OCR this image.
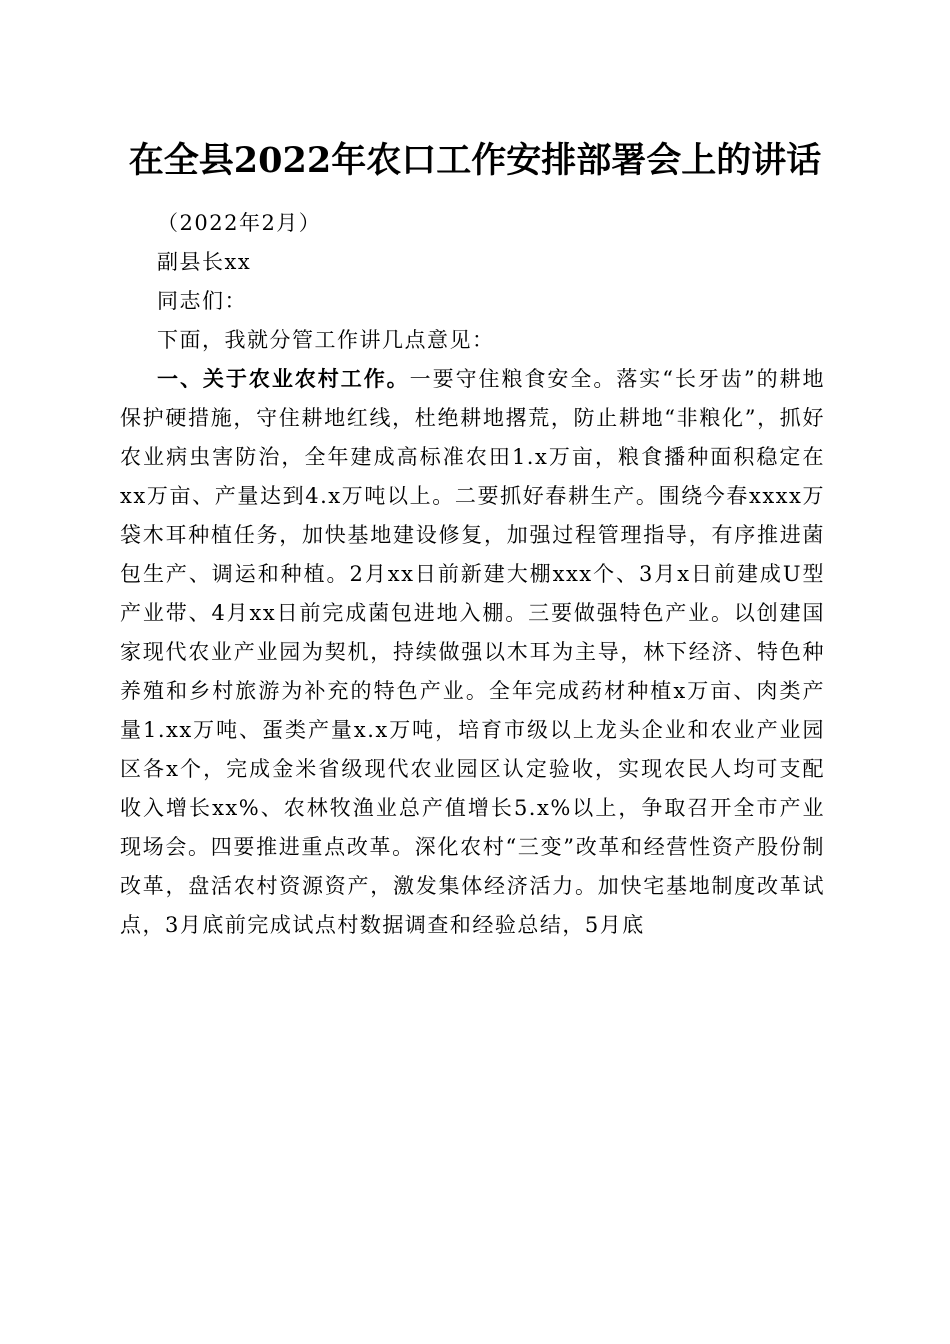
在全县2022年农口工作安排部署会上的讲话

（2022年2月）

副县长xx

同志们：

下面，我就分管工作讲几点意见：

一、关于农业农村工作。一要守住粮食安全。落实“长牙齿”的耕地保护硬措施，守住耕地红线，杜绝耕地撂荒，防止耕地“非粮化”，抓好农业病虫害防治，全年建成高标准农田1.x万亩，粮食播种面积稳定在xx万亩、产量达到4.x万吨以上。二要抓好春耕生产。围绕今春xxxx万袋木耳种植任务，加快基地建设修复，加强过程管理指导，有序推进菌包生产、调运和种植。2月xx日前新建大棚xxx个、3月x日前建成U型产业带、4月xx日前完成菌包进地入棚。三要做强特色产业。以创建国家现代农业产业园为契机，持续做强以木耳为主导，林下经济、特色种养殖和乡村旅游为补充的特色产业。全年完成药材种植x万亩、肉类产量1.xx万吨、蛋类产量x.x万吨，培育市级以上龙头企业和农业产业园区各x个，完成金米省级现代农业园区认定验收，实现农民人均可支配收入增长xx%、农林牧渔业总产值增长5.x%以上，争取召开全市产业现场会。四要推进重点改革。深化农村“三变”改革和经营性资产股份制改革，盘活农村资源资产，激发集体经济活力。加快宅基地制度改革试点，3月底前完成试点村数据调查和经验总结，5月底
